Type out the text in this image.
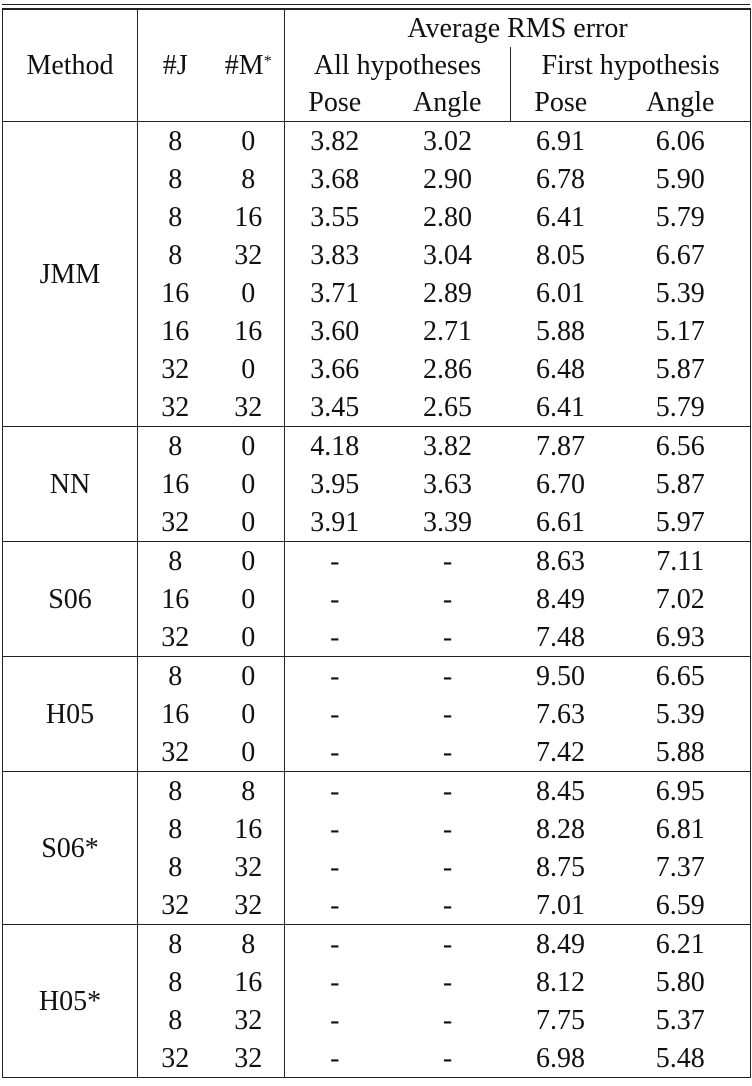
Method	#J	#M*	Average RMS error			
			All hypotheses		First hypothesis	
			Pose	Angle	Pose	Angle
JMM	8	0	3.82	3.02	6.91	6.06
	8	8	3.68	2.90	6.78	5.90
	8	16	3.55	2.80	6.41	5.79
	8	32	3.83	3.04	8.05	6.67
	16	0	3.71	2.89	6.01	5.39
	16	16	3.60	2.71	5.88	5.17
	32	0	3.66	2.86	6.48	5.87
	32	32	3.45	2.65	6.41	5.79
NN	8	0	4.18	3.82	7.87	6.56
	16	0	3.95	3.63	6.70	5.87
	32	0	3.91	3.39	6.61	5.97
S06	8	0	-	-	8.63	7.11
	16	0	-	-	8.49	7.02
	32	0	-	-	7.48	6.93
H05	8	0	-	-	9.50	6.65
	16	0	-	-	7.63	5.39
	32	0	-	-	7.42	5.88
S06*	8	8	-	-	8.45	6.95
	8	16	-	-	8.28	6.81
	8	32	-	-	8.75	7.37
	32	32	-	-	7.01	6.59
H05*	8	8	-	-	8.49	6.21
	8	16	-	-	8.12	5.80
	8	32	-	-	7.75	5.37
	32	32	-	-	6.98	5.48
